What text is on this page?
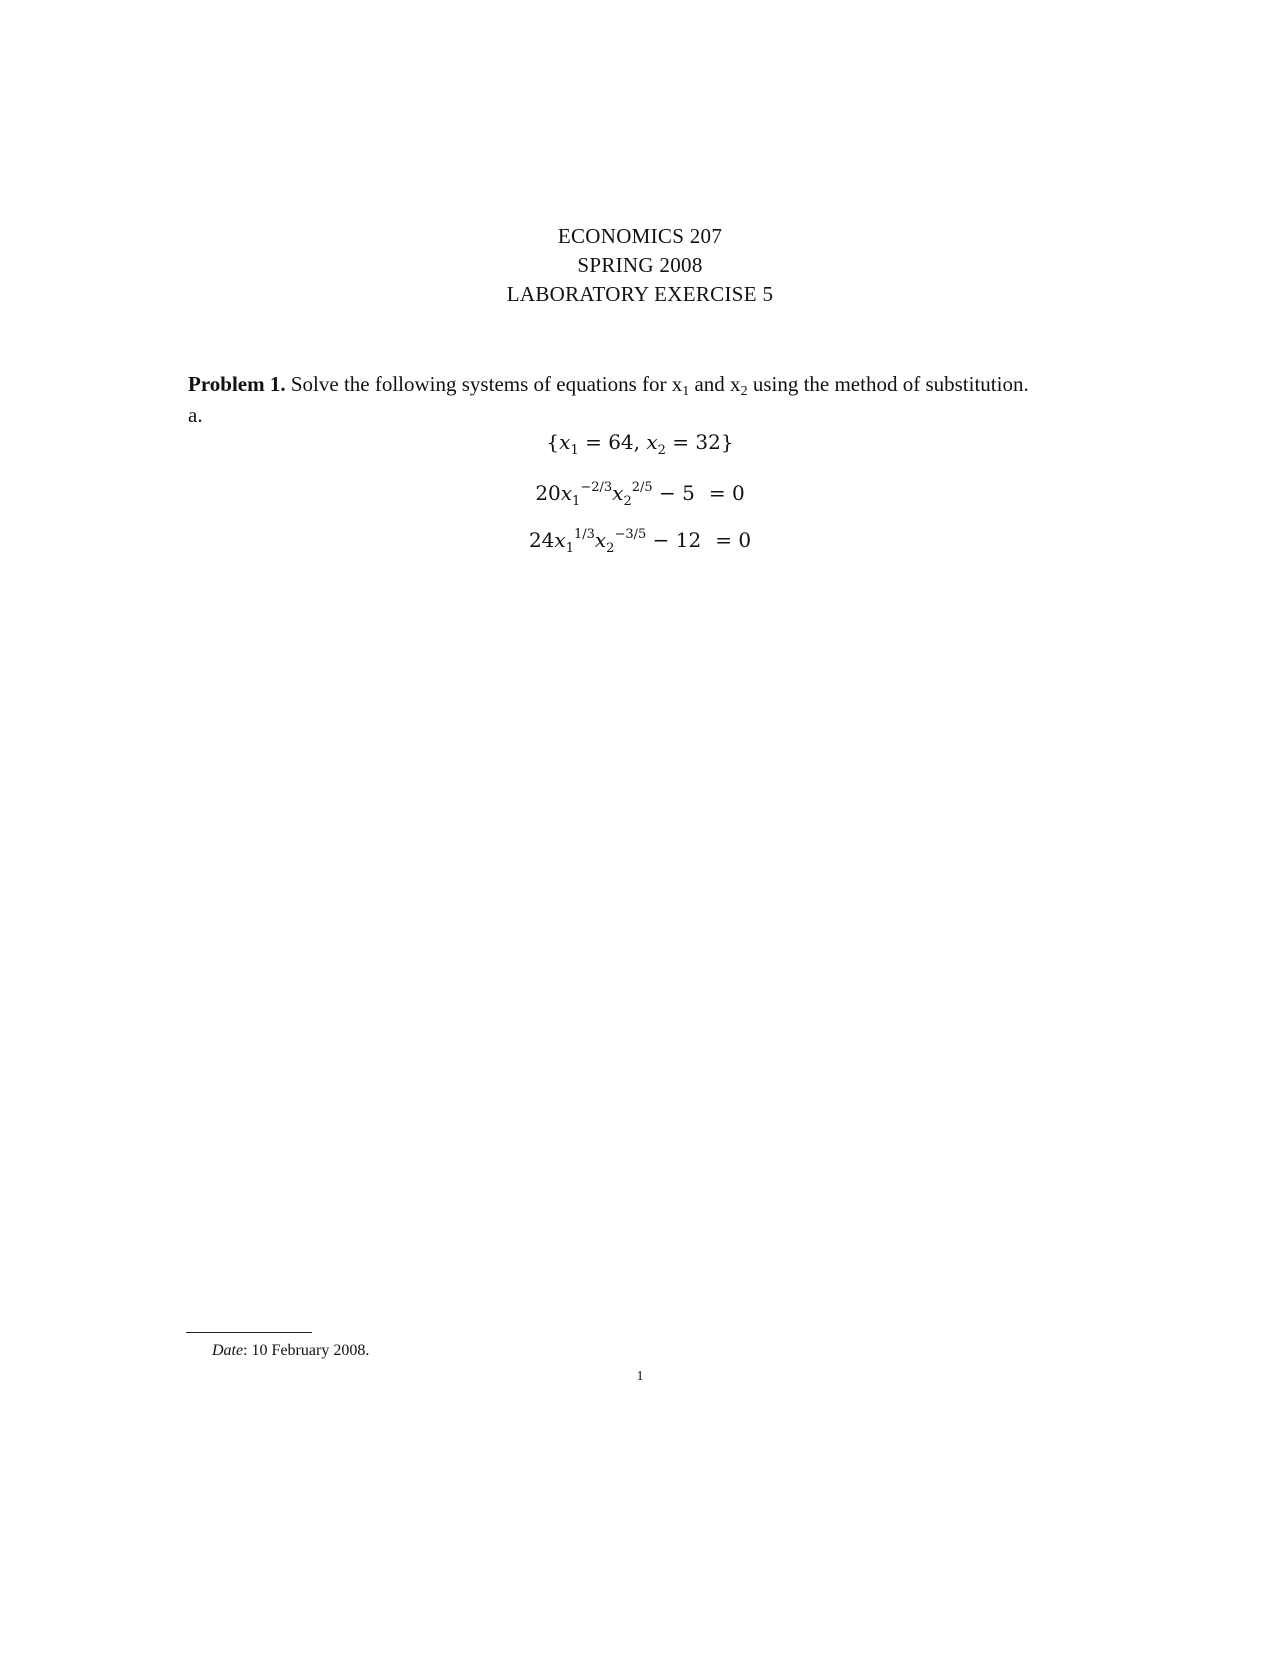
ECONOMICS 207
SPRING 2008
LABORATORY EXERCISE 5
Problem 1. Solve the following systems of equations for $x_1$ and $x_2$ using the method of substitution.
a.
{$x_1 = 64$, $x_2 = 32$}
$20x_1^{-2/3}x_2^{2/5} - 5 = 0$
$24x_1^{1/3}x_2^{-3/5} - 12 = 0$
Date: 10 February 2008.
1
